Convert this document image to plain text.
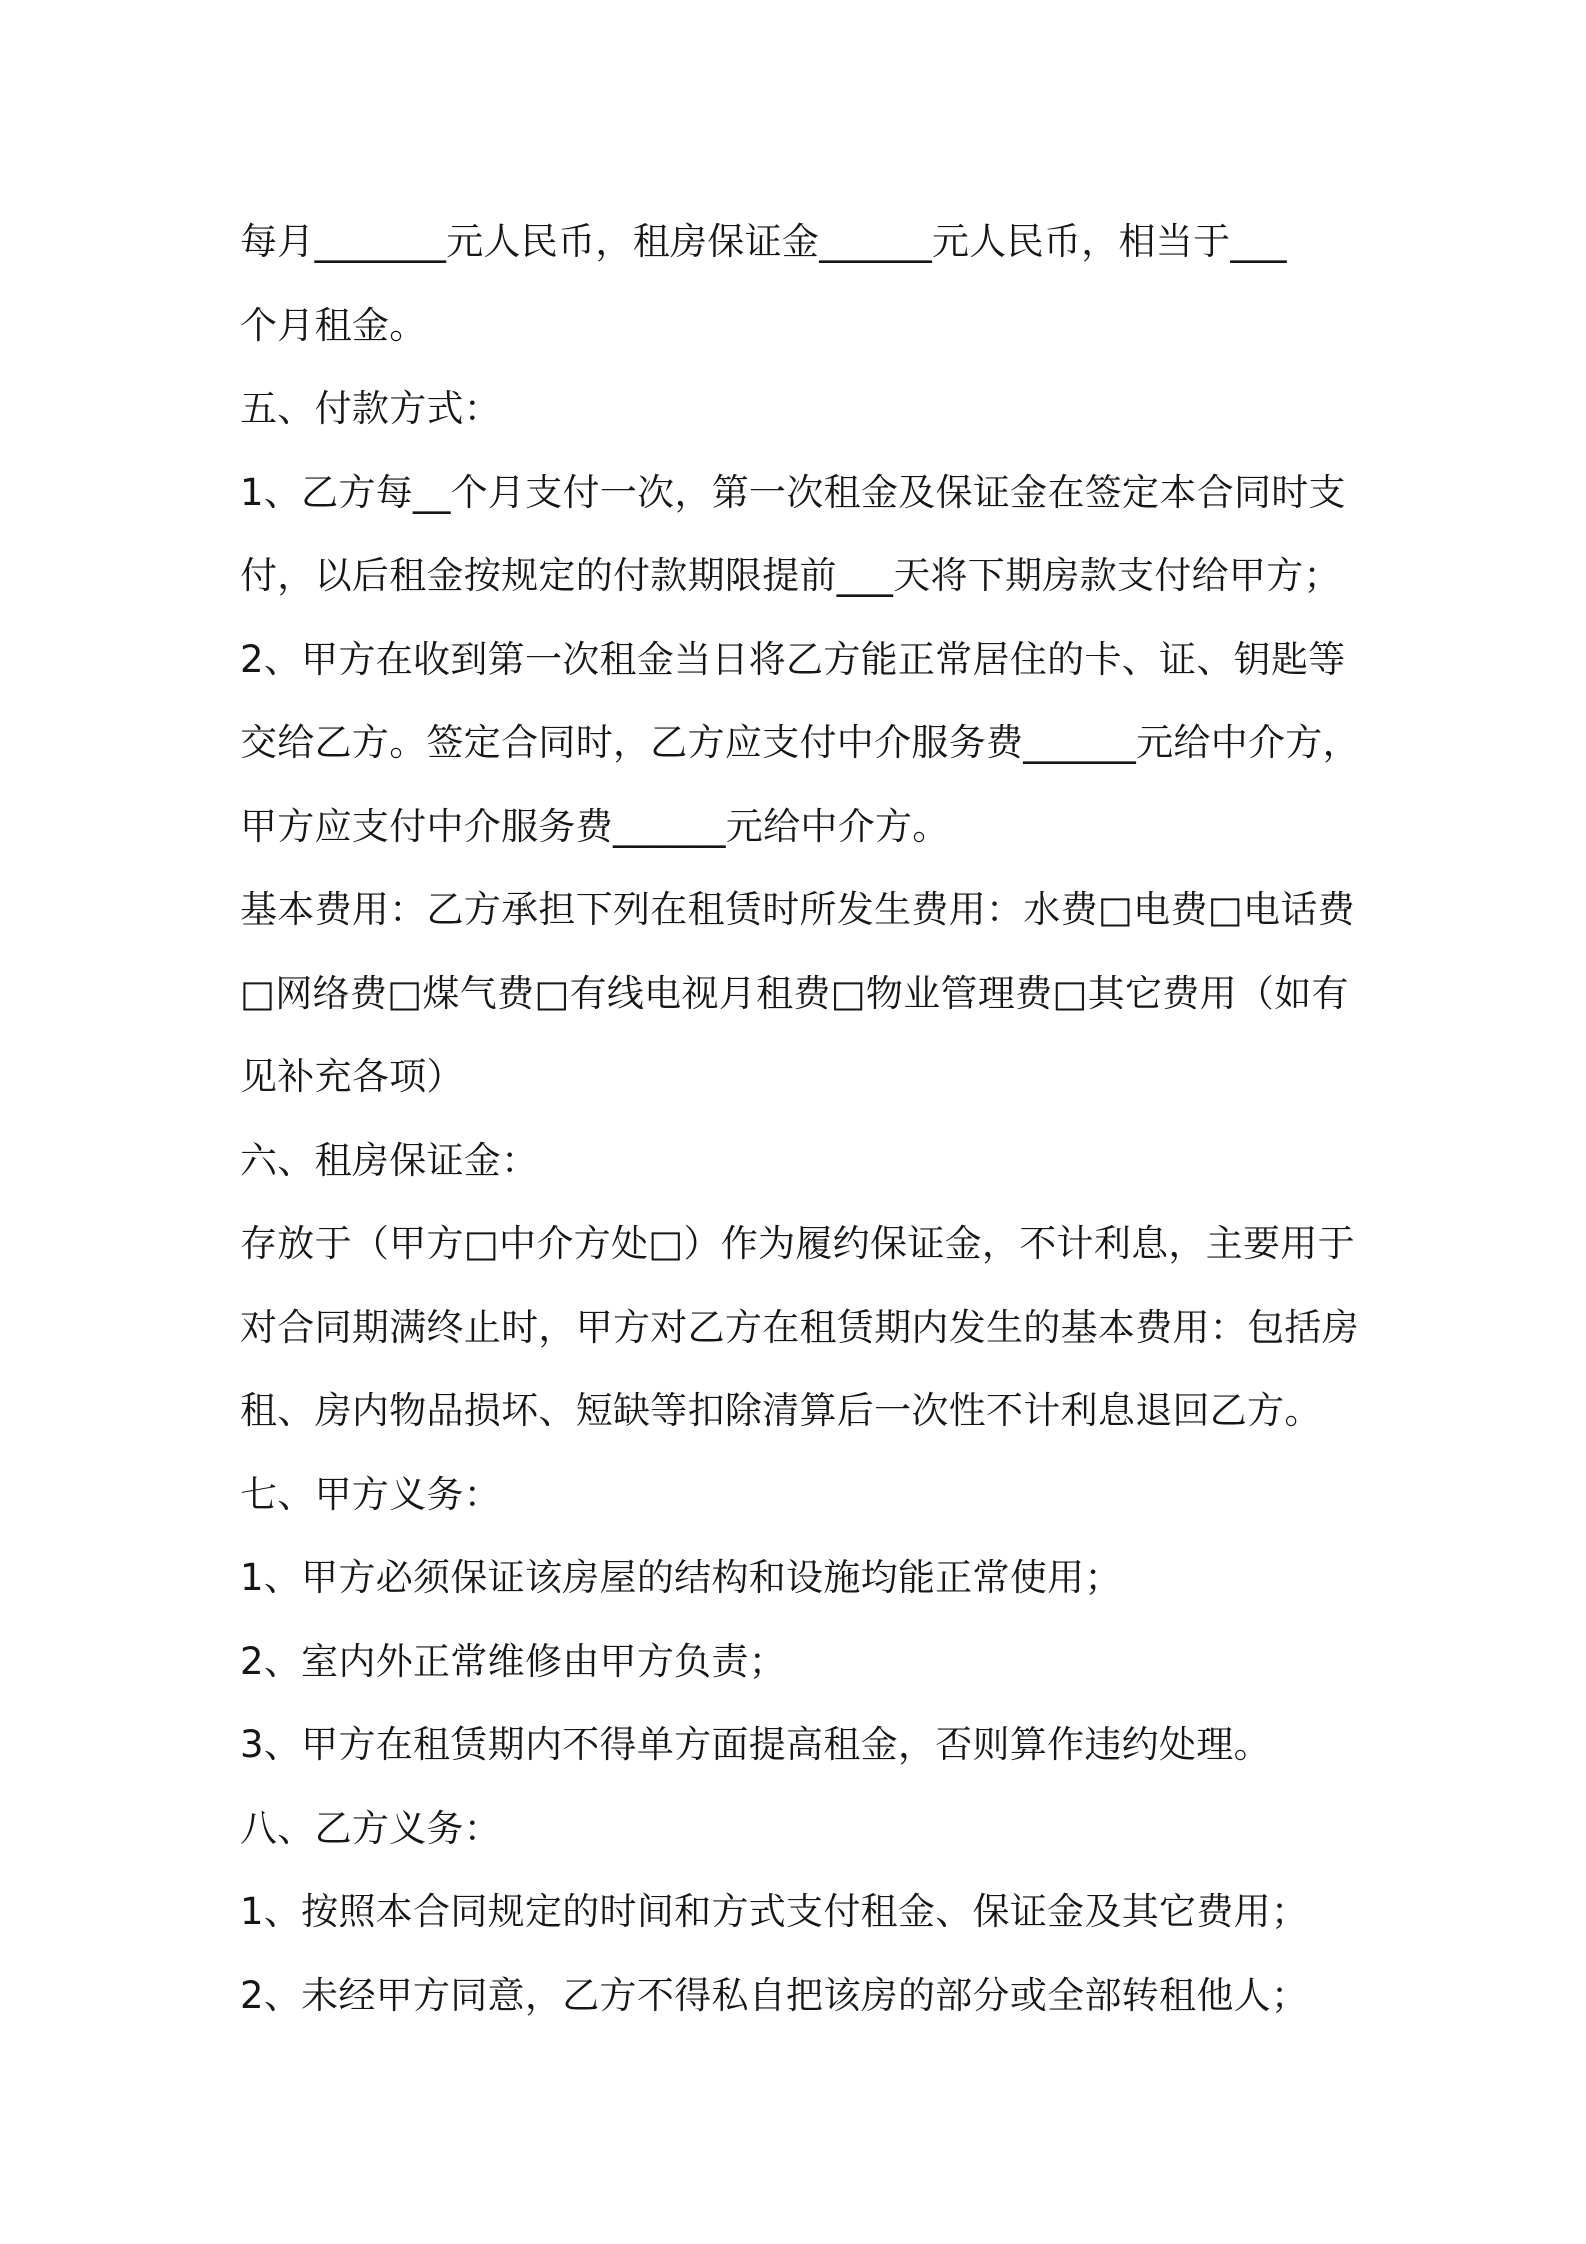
每月_______元人民币，租房保证金______元人民币，相当于___
个月租金。
五、付款方式：
1、乙方每__个月支付一次，第一次租金及保证金在签定本合同时支
付，以后租金按规定的付款期限提前___天将下期房款支付给甲方；
2、甲方在收到第一次租金当日将乙方能正常居住的卡、证、钥匙等
交给乙方。签定合同时，乙方应支付中介服务费______元给中介方，
甲方应支付中介服务费______元给中介方。
基本费用：乙方承担下列在租赁时所发生费用：水费□电费□电话费
□网络费□煤气费□有线电视月租费□物业管理费□其它费用（如有
见补充各项）
六、租房保证金：
存放于（甲方□中介方处□）作为履约保证金，不计利息，主要用于
对合同期满终止时，甲方对乙方在租赁期内发生的基本费用：包括房
租、房内物品损坏、短缺等扣除清算后一次性不计利息退回乙方。
七、甲方义务：
1、甲方必须保证该房屋的结构和设施均能正常使用；
2、室内外正常维修由甲方负责；
3、甲方在租赁期内不得单方面提高租金，否则算作违约处理。
八、乙方义务：
1、按照本合同规定的时间和方式支付租金、保证金及其它费用；
2、未经甲方同意，乙方不得私自把该房的部分或全部转租他人；
